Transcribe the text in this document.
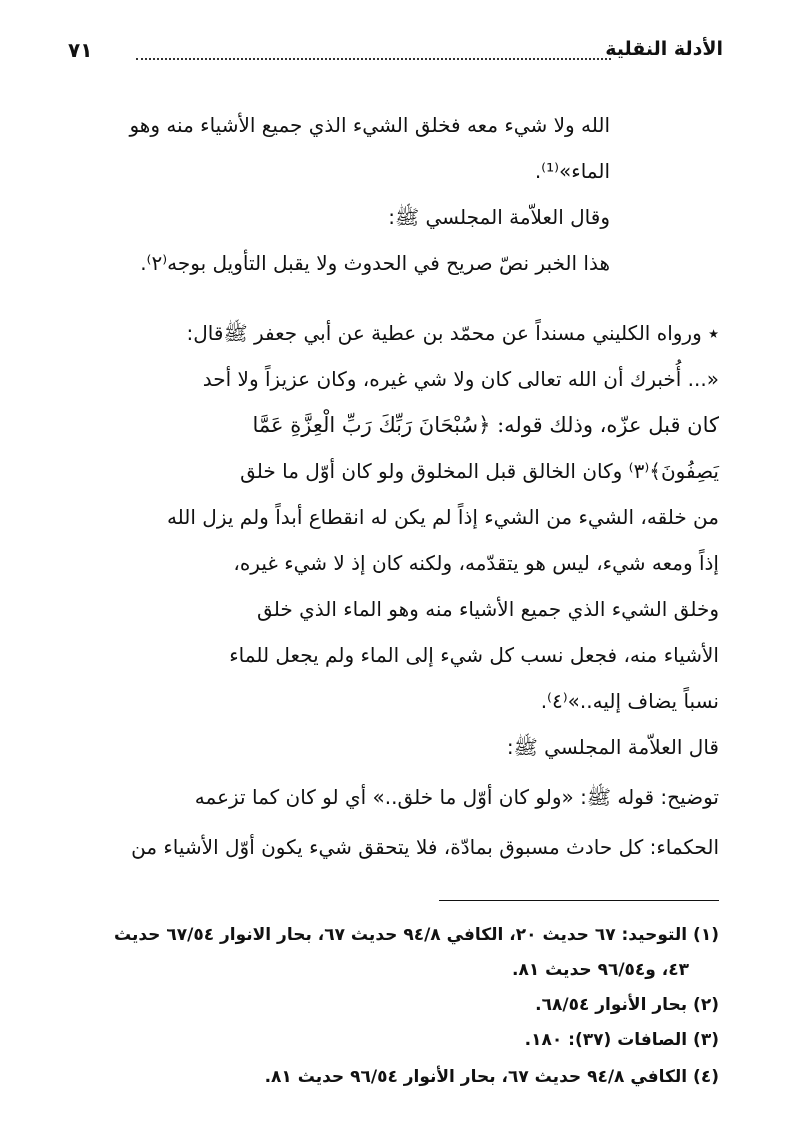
الأدلة النقلية
٧١
الله ولا شيء معه فخلق الشيء الذي جميع الأشياء منه وهو
الماء»⁽¹⁾.
وقال العلاّمة المجلسي ﷺ:
هذا الخبر نصّ صريح في الحدوث ولا يقبل التأويل بوجه⁽٢⁾.
٭ ورواه الكليني مسنداً عن محمّد بن عطية عن أبي جعفر ﷺقال:
«... أُخبرك أن الله تعالى كان ولا شي غيره، وكان عزيزاً ولا أحد
كان قبل عزّه، وذلك قوله: ﴿سُبْحَانَ رَبِّكَ رَبِّ الْعِزَّةِ عَمَّا
يَصِفُونَ﴾⁽٣⁾ وكان الخالق قبل المخلوق ولو كان أوّل ما خلق
من خلقه، الشيء من الشيء إذاً لم يكن له انقطاع أبداً ولم يزل الله
إذاً ومعه شيء، ليس هو يتقدّمه، ولكنه كان إذ لا شيء غيره،
وخلق الشيء الذي جميع الأشياء منه وهو الماء الذي خلق
الأشياء منه، فجعل نسب كل شيء إلى الماء ولم يجعل للماء
نسباً يضاف إليه..»⁽٤⁾.
قال العلاّمة المجلسي ﷺ:
توضيح: قوله ﷺ: «ولو كان أوّل ما خلق..» أي لو كان كما تزعمه
الحكماء: كل حادث مسبوق بمادّة، فلا يتحقق شيء يكون أوّل الأشياء من
(١) التوحيد: ٦٧ حديث ٢٠، الكافي ٩٤/٨ حديث ٦٧، بحار الانوار ٦٧/٥٤ حديث
٤٣، و٩٦/٥٤ حديث ٨١.
(٢) بحار الأنوار ٦٨/٥٤.
(٣) الصافات (٣٧): ١٨٠.
(٤) الكافي ٩٤/٨ حديث ٦٧، بحار الأنوار ٩٦/٥٤ حديث ٨١.
